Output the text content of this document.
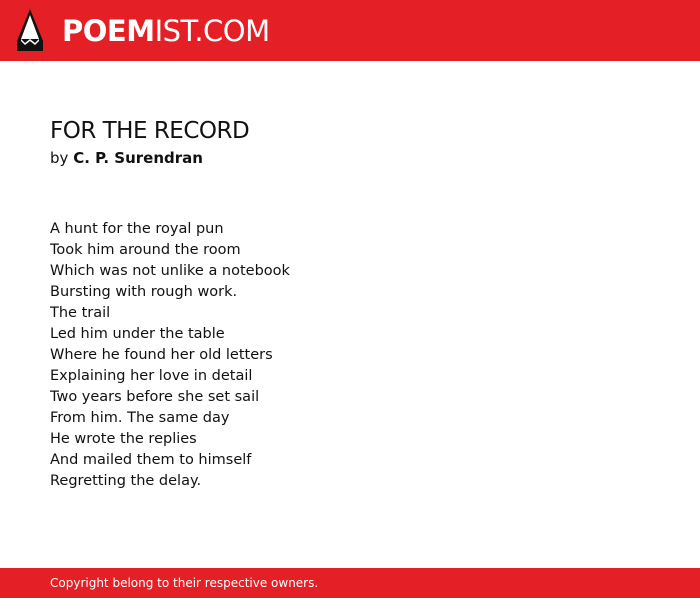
POEMIST.COM
FOR THE RECORD
by C. P. Surendran
A hunt for the royal pun
Took him around the room
Which was not unlike a notebook
Bursting with rough work.
The trail
Led him under the table
Where he found her old letters
Explaining her love in detail
Two years before she set sail
From him. The same day
He wrote the replies
And mailed them to himself
Regretting the delay.
Copyright belong to their respective owners.
